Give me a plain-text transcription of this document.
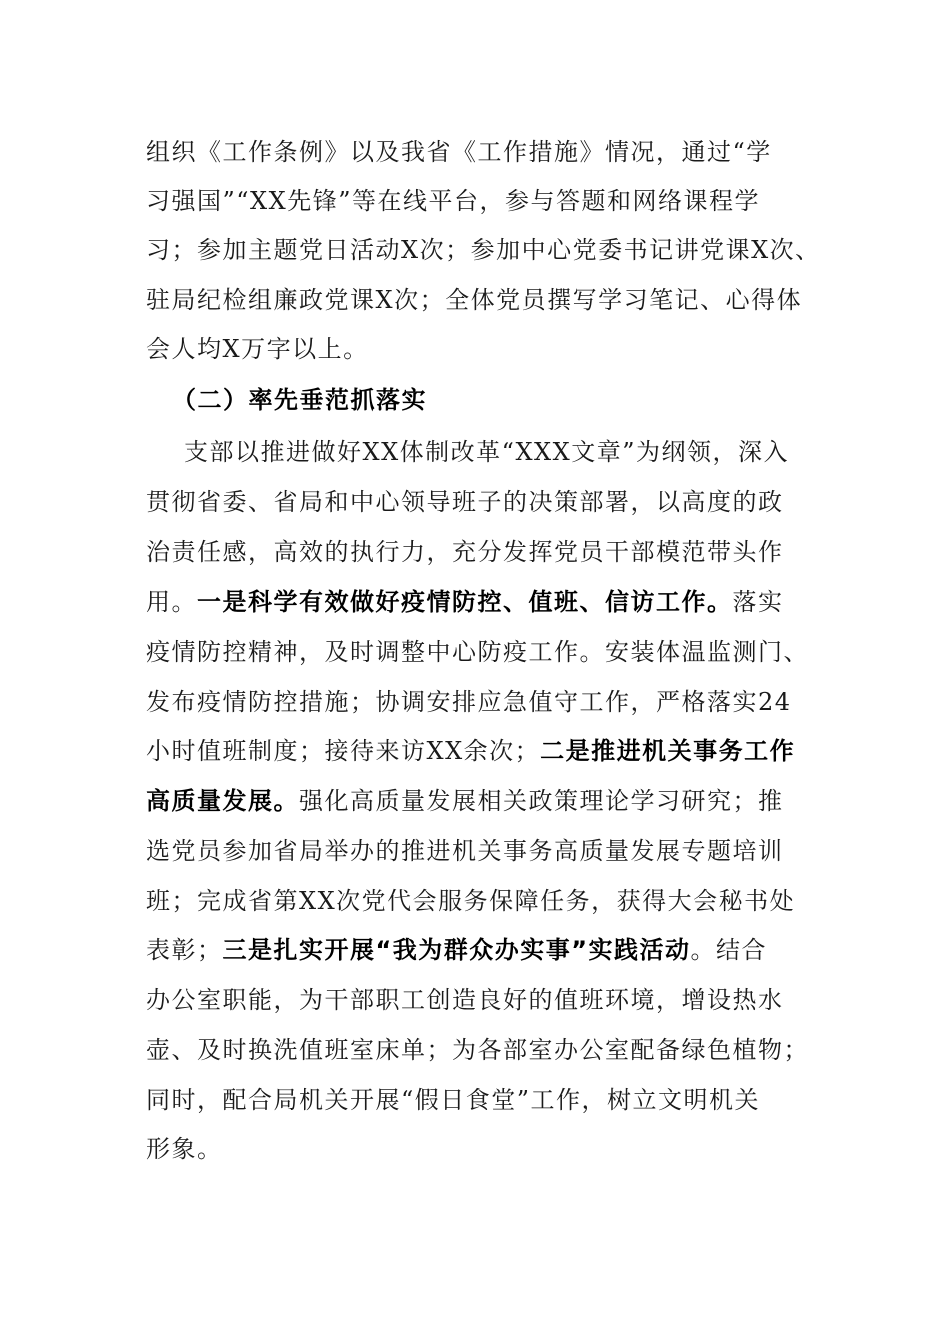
组织《工作条例》以及我省《工作措施》情况，通过“学
习强国”“XX先锋”等在线平台，参与答题和网络课程学
习；参加主题党日活动X次；参加中心党委书记讲党课X次、
驻局纪检组廉政党课X次；全体党员撰写学习笔记、心得体
会人均X万字以上。
（二）率先垂范抓落实
支部以推进做好XX体制改革“XXX文章”为纲领，深入
贯彻省委、省局和中心领导班子的决策部署，以高度的政
治责任感，高效的执行力，充分发挥党员干部模范带头作
用。一是科学有效做好疫情防控、值班、信访工作。落实
疫情防控精神，及时调整中心防疫工作。安装体温监测门、
发布疫情防控措施；协调安排应急值守工作，严格落实24
小时值班制度；接待来访XX余次；二是推进机关事务工作
高质量发展。强化高质量发展相关政策理论学习研究；推
选党员参加省局举办的推进机关事务高质量发展专题培训
班；完成省第XX次党代会服务保障任务，获得大会秘书处
表彰；三是扎实开展“我为群众办实事”实践活动。结合
办公室职能，为干部职工创造良好的值班环境，增设热水
壶、及时换洗值班室床单；为各部室办公室配备绿色植物；
同时，配合局机关开展“假日食堂”工作，树立文明机关
形象。
